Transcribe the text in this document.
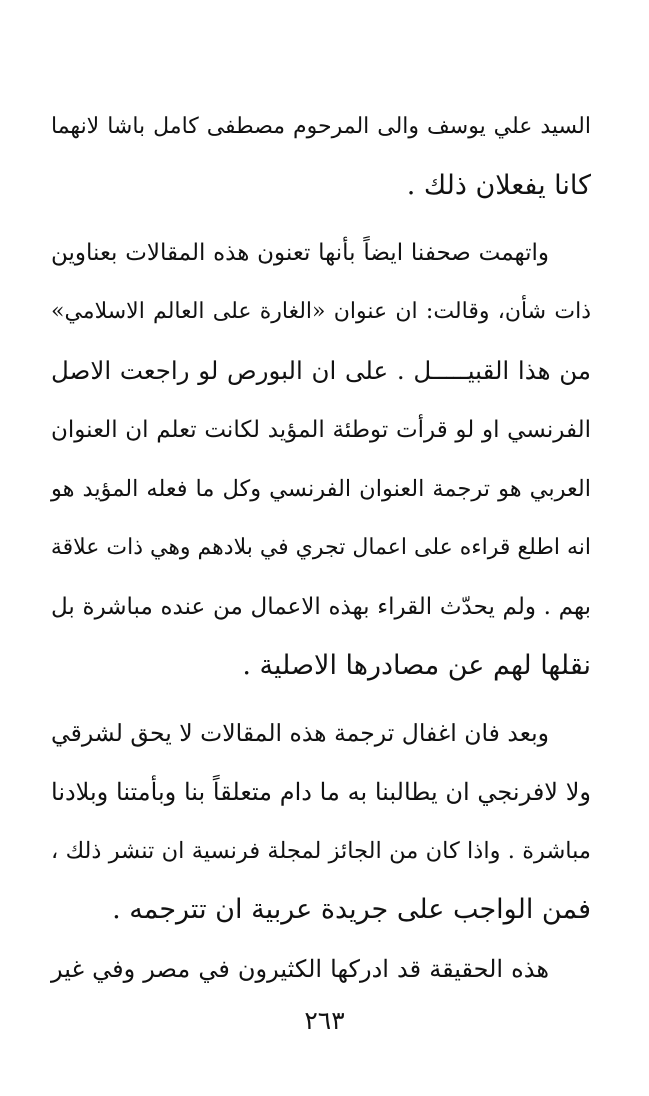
السيد علي يوسف والى المرحوم مصطفى كامل باشا لانهما
كانا يفعلان ذلك .
واتهمت صحفنا ايضاً بأنها تعنون هذه المقالات بعناوين
ذات شأن، وقالت: ان عنوان «الغارة على العالم الاسلامي»
من هذا القبيـــــل . على ان البورص لو راجعت الاصل
الفرنسي او لو قرأت توطئة المؤيد لكانت تعلم ان العنوان
العربي هو ترجمة العنوان الفرنسي وكل ما فعله المؤيد هو
انه اطلع قراءه على اعمال تجري في بلادهم وهي ذات علاقة
بهم . ولم يحدّث القراء بهذه الاعمال من عنده مباشرة بل
نقلها لهم عن مصادرها الاصلية .
وبعد فان اغفال ترجمة هذه المقالات لا يحق لشرقي
ولا لافرنجي ان يطالبنا به ما دام متعلقاً بنا وبأمتنا وبلادنا
مباشرة . واذا كان من الجائز لمجلة فرنسية ان تنشر ذلك ،
فمن الواجب على جريدة عربية ان تترجمه .
هذه الحقيقة قد ادركها الكثيرون في مصر وفي غير
٢٦٣
